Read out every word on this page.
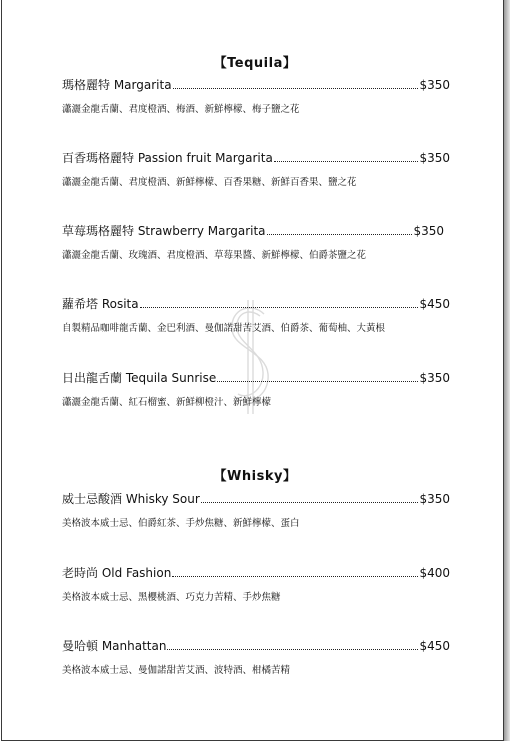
【Tequila】
瑪格麗特 Margarita	$350
瀟灑金龍舌蘭、君度橙酒、梅酒、新鮮檸檬、梅子鹽之花
百香瑪格麗特 Passion fruit Margarita	$350
瀟灑金龍舌蘭、君度橙酒、新鮮檸檬、百香果糖、新鮮百香果、鹽之花
草莓瑪格麗特 Strawberry Margarita	$350
瀟灑金龍舌蘭、玫瑰酒、君度橙酒、草莓果醬、新鮮檸檬、伯爵茶鹽之花
蘿希塔 Rosita	$450
自製精品咖啡龍舌蘭、金巴利酒、曼伽諾甜苦艾酒、伯爵茶、葡萄柚、大黃根
日出龍舌蘭 Tequila Sunrise	$350
瀟灑金龍舌蘭、紅石榴蜜、新鮮柳橙汁、新鮮檸檬
【Whisky】
威士忌酸酒 Whisky Sour	$350
美格波本威士忌、伯爵紅茶、手炒焦糖、新鮮檸檬、蛋白
老時尚 Old Fashion	$400
美格波本威士忌、黑櫻桃酒、巧克力苦精、手炒焦糖
曼哈頓 Manhattan	$450
美格波本威士忌、曼伽諾甜苦艾酒、波特酒、柑橘苦精
